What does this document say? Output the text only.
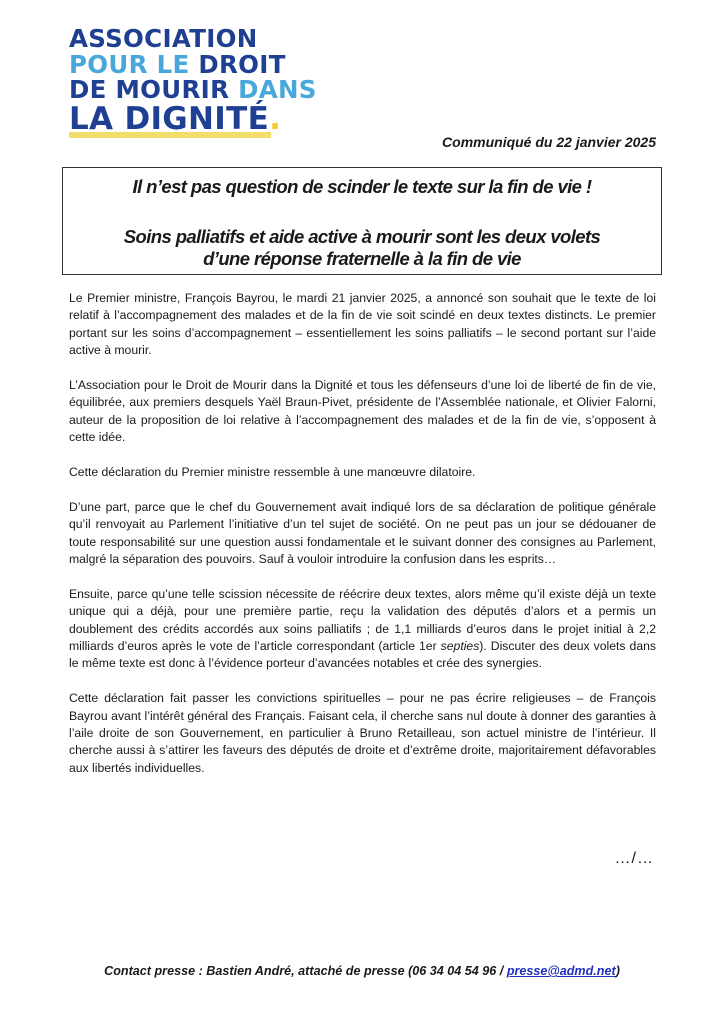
ASSOCIATION
POUR LE DROIT
DE MOURIR DANS
LA DIGNITÉ.
Communiqué du 22 janvier 2025
Il n’est pas question de scinder le texte sur la fin de vie !
Soins palliatifs et aide active à mourir sont les deux volets
d’une réponse fraternelle à la fin de vie

Le Premier ministre, François Bayrou, le mardi 21 janvier 2025, a annoncé son souhait que le texte de loi relatif à l’accompagnement des malades et de la fin de vie soit scindé en deux textes distincts. Le premier portant sur les soins d’accompagnement – essentiellement les soins palliatifs – le second portant sur l’aide active à mourir.

L’Association pour le Droit de Mourir dans la Dignité et tous les défenseurs d’une loi de liberté de fin de vie, équilibrée, aux premiers desquels Yaël Braun-Pivet, présidente de l’Assemblée nationale, et Olivier Falorni, auteur de la proposition de loi relative à l’accompagnement des malades et de la fin de vie, s’opposent à cette idée.

Cette déclaration du Premier ministre ressemble à une manœuvre dilatoire.

D’une part, parce que le chef du Gouvernement avait indiqué lors de sa déclaration de politique générale qu’il renvoyait au Parlement l’initiative d’un tel sujet de société. On ne peut pas un jour se dédouaner de toute responsabilité sur une question aussi fondamentale et le suivant donner des consignes au Parlement, malgré la séparation des pouvoirs. Sauf à vouloir introduire la confusion dans les esprits…

Ensuite, parce qu’une telle scission nécessite de réécrire deux textes, alors même qu’il existe déjà un texte unique qui a déjà, pour une première partie, reçu la validation des députés d’alors et a permis un doublement des crédits accordés aux soins palliatifs ; de 1,1 milliards d’euros dans le projet initial à 2,2 milliards d’euros après le vote de l’article correspondant (article 1er septies). Discuter des deux volets dans le même texte est donc à l’évidence porteur d’avancées notables et crée des synergies.

Cette déclaration fait passer les convictions spirituelles – pour ne pas écrire religieuses – de François Bayrou avant l’intérêt général des Français. Faisant cela, il cherche sans nul doute à donner des garanties à l’aile droite de son Gouvernement, en particulier à Bruno Retailleau, son actuel ministre de l’intérieur. Il cherche aussi à s’attirer les faveurs des députés de droite et d’extrême droite, majoritairement défavorables aux libertés individuelles.

…/…
Contact presse : Bastien André, attaché de presse (06 34 04 54 96 / presse@admd.net)
